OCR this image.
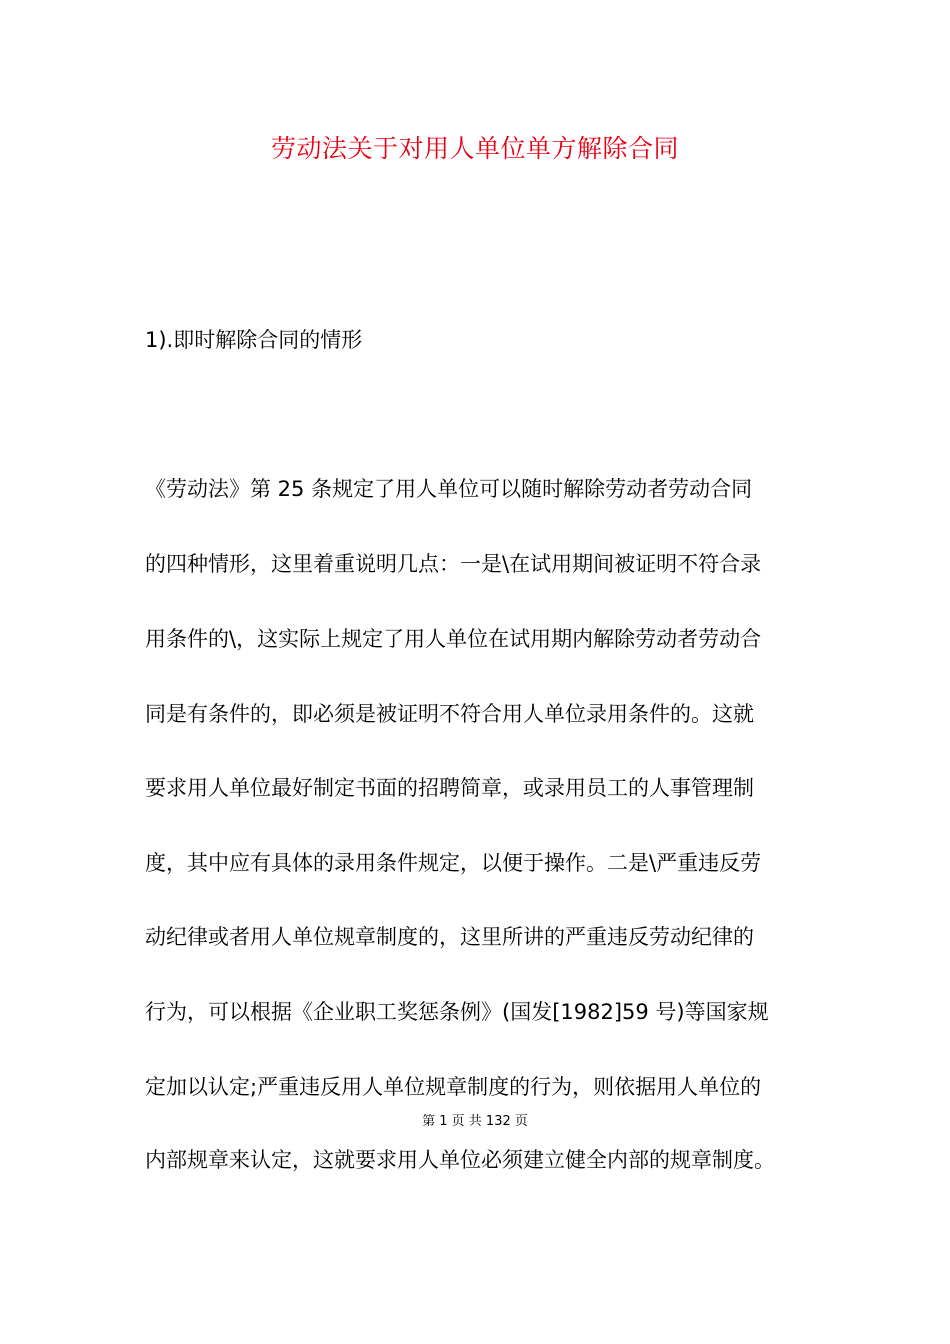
劳动法关于对用人单位单方解除合同
1).即时解除合同的情形
《劳动法》第 25 条规定了用人单位可以随时解除劳动者劳动合同
的四种情形，这里着重说明几点：一是\在试用期间被证明不符合录
用条件的\，这实际上规定了用人单位在试用期内解除劳动者劳动合
同是有条件的，即必须是被证明不符合用人单位录用条件的。这就
要求用人单位最好制定书面的招聘简章，或录用员工的人事管理制
度，其中应有具体的录用条件规定，以便于操作。二是\严重违反劳
动纪律或者用人单位规章制度的，这里所讲的严重违反劳动纪律的
行为，可以根据《企业职工奖惩条例》(国发[1982]59 号)等国家规
定加以认定;严重违反用人单位规章制度的行为，则依据用人单位的
内部规章来认定，这就要求用人单位必须建立健全内部的规章制度。
第 1 页 共 132 页
